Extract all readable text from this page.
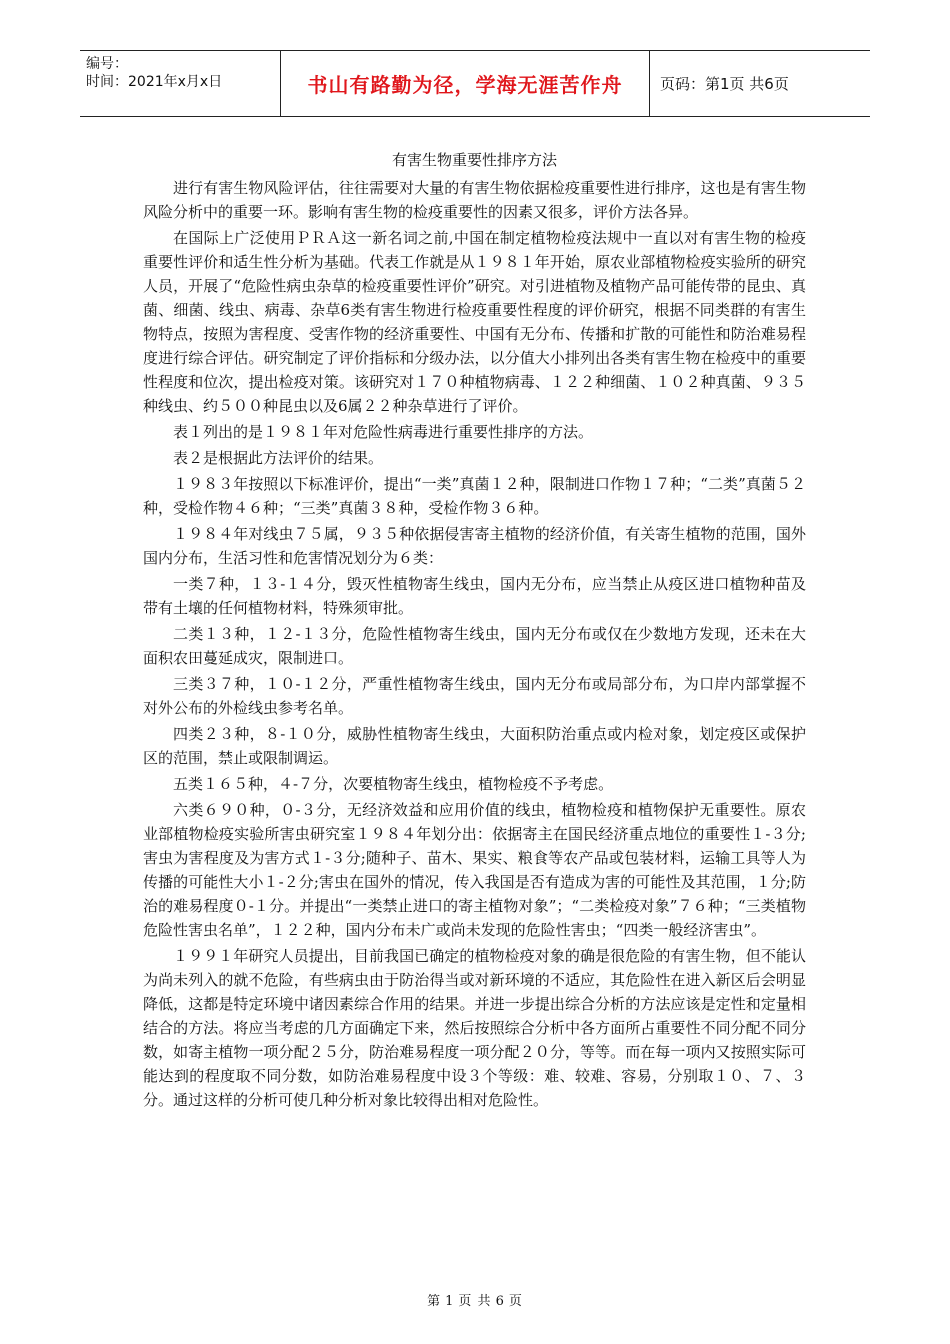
编号：
时间：2021年x月x日	书山有路勤为径，学海无涯苦作舟	页码：第1页 共6页
有害生物重要性排序方法

进行有害生物风险评估，往往需要对大量的有害生物依据检疫重要性进行排序，这也是有害生物风险分析中的重要一环。影响有害生物的检疫重要性的因素又很多，评价方法各异。

在国际上广泛使用ＰＲＡ这一新名词之前,中国在制定植物检疫法规中一直以对有害生物的检疫重要性评价和适生性分析为基础。代表工作就是从１９８１年开始，原农业部植物检疫实验所的研究人员，开展了“危险性病虫杂草的检疫重要性评价”研究。对引进植物及植物产品可能传带的昆虫、真菌、细菌、线虫、病毒、杂草6类有害生物进行检疫重要性程度的评价研究，根据不同类群的有害生物特点，按照为害程度、受害作物的经济重要性、中国有无分布、传播和扩散的可能性和防治难易程度进行综合评估。研究制定了评价指标和分级办法，以分值大小排列出各类有害生物在检疫中的重要性程度和位次，提出检疫对策。该研究对１７０种植物病毒、１２２种细菌、１０２种真菌、９３５种线虫、约５００种昆虫以及6属２２种杂草进行了评价。

表１列出的是１９８１年对危险性病毒进行重要性排序的方法。

表２是根据此方法评价的结果。

１９８３年按照以下标准评价，提出“一类”真菌１２种，限制进口作物１７种；“二类”真菌５２种，受检作物４６种；“三类”真菌３８种，受检作物３６种。

１９８４年对线虫７５属，９３５种依据侵害寄主植物的经济价值，有关寄生植物的范围，国外国内分布，生活习性和危害情况划分为６类：

一类７种，１３-１４分，毁灭性植物寄生线虫，国内无分布，应当禁止从疫区进口植物种苗及带有土壤的任何植物材料，特殊须审批。

二类１３种，１２-１３分，危险性植物寄生线虫，国内无分布或仅在少数地方发现，还未在大面积农田蔓延成灾，限制进口。

三类３７种，１０-１２分，严重性植物寄生线虫，国内无分布或局部分布，为口岸内部掌握不对外公布的外检线虫参考名单。

四类２３种，８-１０分，威胁性植物寄生线虫，大面积防治重点或内检对象，划定疫区或保护区的范围，禁止或限制调运。

五类１６５种，４-７分，次要植物寄生线虫，植物检疫不予考虑。

六类６９０种，０-３分，无经济效益和应用价值的线虫，植物检疫和植物保护无重要性。原农业部植物检疫实验所害虫研究室１９８４年划分出：依据寄主在国民经济重点地位的重要性１-３分;害虫为害程度及为害方式１-３分;随种子、苗木、果实、粮食等农产品或包装材料，运输工具等人为传播的可能性大小１-２分;害虫在国外的情况，传入我国是否有造成为害的可能性及其范围，１分;防治的难易程度０-１分。并提出“一类禁止进口的寄主植物对象”；“二类检疫对象”７６种；“三类植物危险性害虫名单”，１２２种，国内分布未广或尚未发现的危险性害虫；“四类一般经济害虫”。

１９９１年研究人员提出，目前我国已确定的植物检疫对象的确是很危险的有害生物，但不能认为尚未列入的就不危险，有些病虫由于防治得当或对新环境的不适应，其危险性在进入新区后会明显降低，这都是特定环境中诸因素综合作用的结果。并进一步提出综合分析的方法应该是定性和定量相结合的方法。将应当考虑的几方面确定下来，然后按照综合分析中各方面所占重要性不同分配不同分数，如寄主植物一项分配２５分，防治难易程度一项分配２０分，等等。而在每一项内又按照实际可能达到的程度取不同分数，如防治难易程度中设３个等级：难、较难、容易，分别取１０、７、３分。通过这样的分析可使几种分析对象比较得出相对危险性。

第 1 页 共 6 页
